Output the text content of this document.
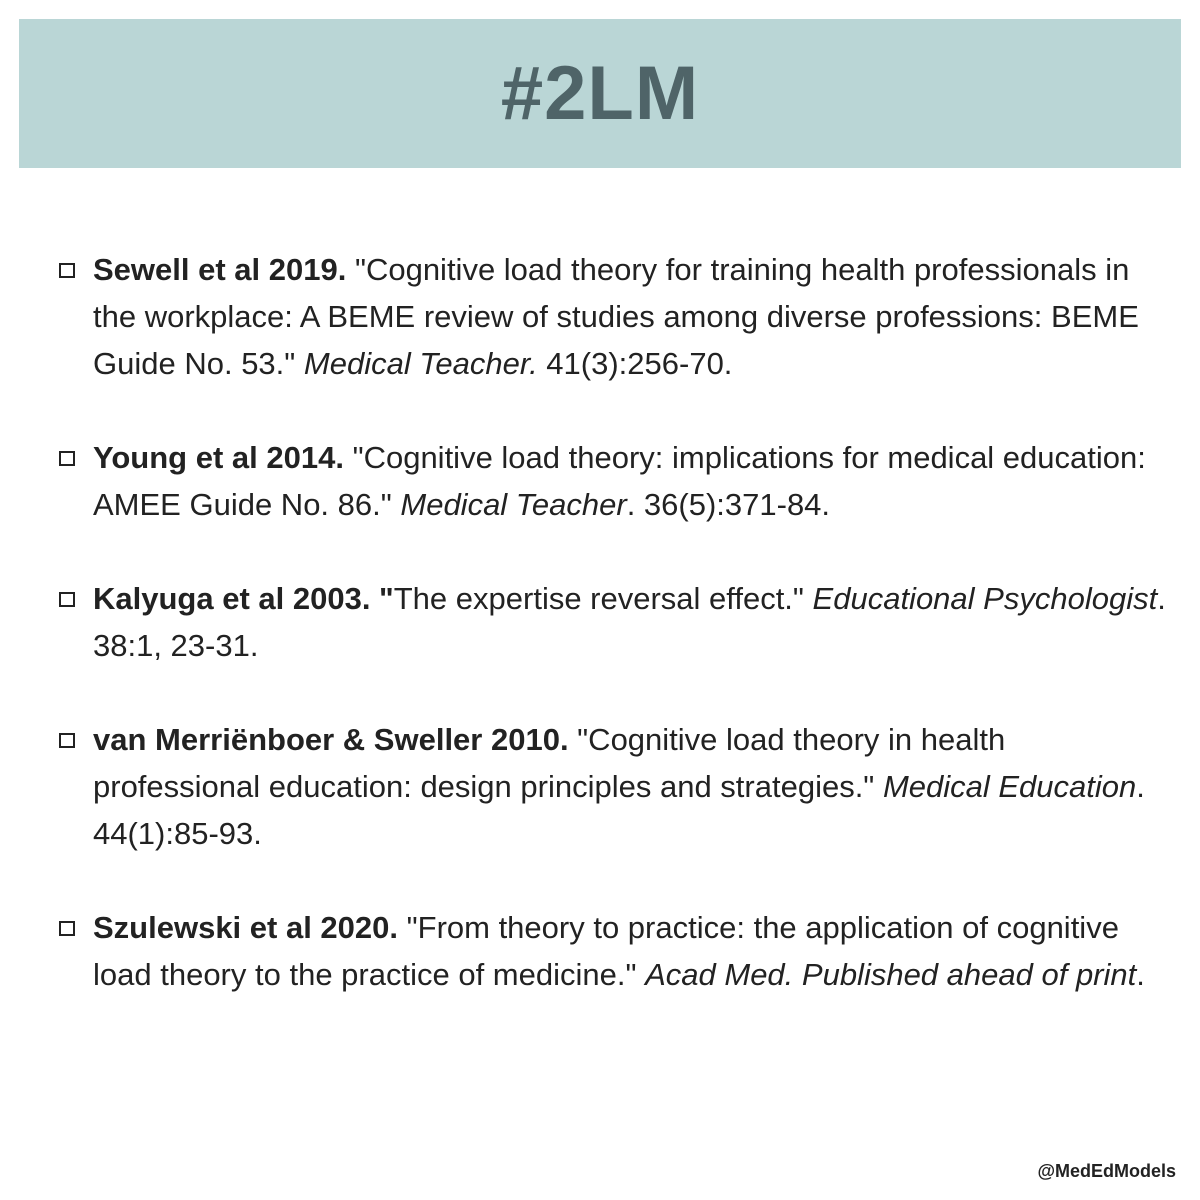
#2LM
Sewell et al 2019. "Cognitive load theory for training health professionals in the workplace: A BEME review of studies among diverse professions: BEME Guide No. 53." Medical Teacher. 41(3):256-70.
Young et al 2014. "Cognitive load theory: implications for medical education: AMEE Guide No. 86." Medical Teacher. 36(5):371-84.
Kalyuga et al 2003. "The expertise reversal effect." Educational Psychologist. 38:1, 23-31.
van Merriënboer & Sweller 2010. "Cognitive load theory in health professional education: design principles and strategies." Medical Education. 44(1):85-93.
Szulewski et al 2020. "From theory to practice: the application of cognitive load theory to the practice of medicine." Acad Med. Published ahead of print.
@MedEdModels
